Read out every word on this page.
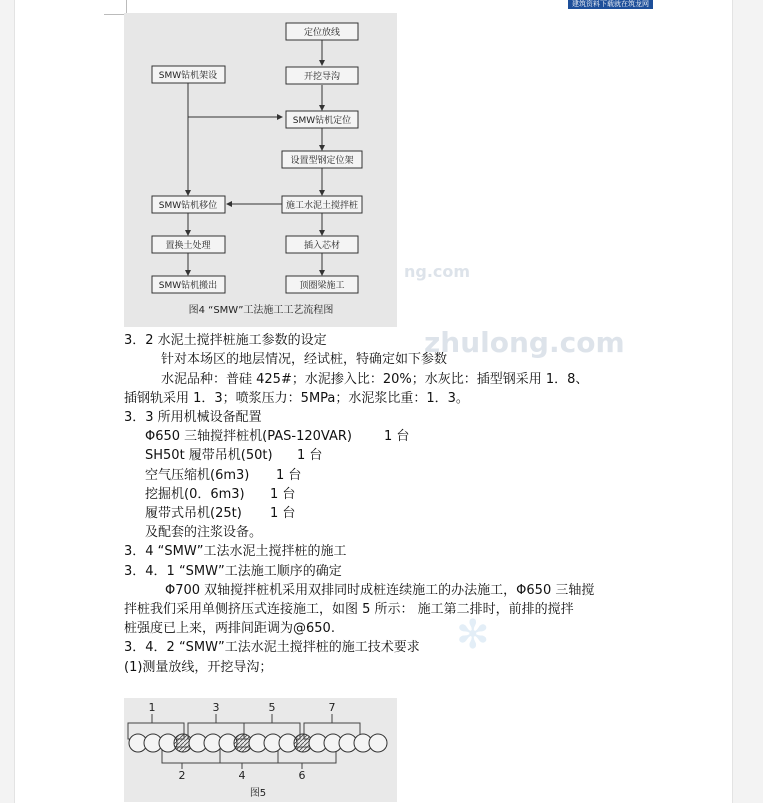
建筑资料下载就在筑龙网
定位放线
开挖导沟
SMW钻机定位
设置型钢定位架
施工水泥土搅拌桩
插入芯材
顶圈梁施工
SMW钻机架设
SMW钻机移位
置换土处理
SMW钻机搬出
图4 “SMW”工法施工工艺流程图
ng.com
zhulong.com
✻
3．2 水泥土搅拌桩施工参数的设定
针对本场区的地层情况，经试桩，特确定如下参数
水泥品种：普硅 425#；水泥掺入比：20%；水灰比：插型钢采用 1．8、
插钢轨采用 1．3；喷浆压力：5MPa；水泥浆比重：1．3。
3．3 所用机械设备配置
Φ650 三轴搅拌桩机(PAS-120VAR) 1 台
SH50t 履带吊机(50t) 1 台
空气压缩机(6m3) 1 台
挖掘机(0．6m3) 1 台
履带式吊机(25t) 1 台
及配套的注浆设备。
3．4 “SMW”工法水泥土搅拌桩的施工
3．4．1 “SMW”工法施工顺序的确定
Φ700 双轴搅拌桩机采用双排同时成桩连续施工的办法施工，Φ650 三轴搅
拌桩我们采用单侧挤压式连接施工，如图 5 所示： 施工第二排时，前排的搅拌
桩强度已上来，两排间距调为@650.
3．4．2 “SMW”工法水泥土搅拌桩的施工技术要求
(1)测量放线，开挖导沟；
1	3	5	7
2	4	6
图5
